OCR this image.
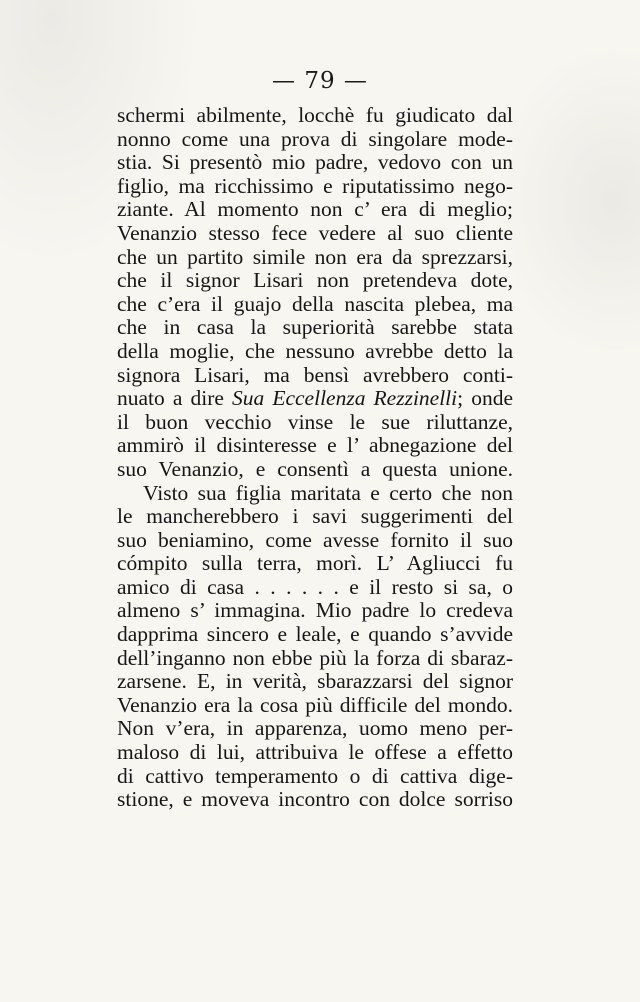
— 79 —
schermi abilmente, locchè fu giudicato dal
nonno come una prova di singolare mode-
stia. Si presentò mio padre, vedovo con un
figlio, ma ricchissimo e riputatissimo nego-
ziante. Al momento non c’ era di meglio;
Venanzio stesso fece vedere al suo cliente
che un partito simile non era da sprezzarsi,
che il signor Lisari non pretendeva dote,
che c’era il guajo della nascita plebea, ma
che in casa la superiorità sarebbe stata
della moglie, che nessuno avrebbe detto la
signora Lisari, ma bensì avrebbero conti-
nuato a dire Sua Eccellenza Rezzinelli; onde
il buon vecchio vinse le sue riluttanze,
ammirò il disinteresse e l’ abnegazione del
suo Venanzio, e consentì a questa unione.
Visto sua figlia maritata e certo che non
le mancherebbero i savi suggerimenti del
suo beniamino, come avesse fornito il suo
cómpito sulla terra, morì. L’ Agliucci fu
amico di casa . . . . . . e il resto si sa, o
almeno s’ immagina. Mio padre lo credeva
dapprima sincero e leale, e quando s’avvide
dell’inganno non ebbe più la forza di sbaraz-
zarsene. E, in verità, sbarazzarsi del signor
Venanzio era la cosa più difficile del mondo.
Non v’era, in apparenza, uomo meno per-
maloso di lui, attribuiva le offese a effetto
di cattivo temperamento o di cattiva dige-
stione, e moveva incontro con dolce sorriso
